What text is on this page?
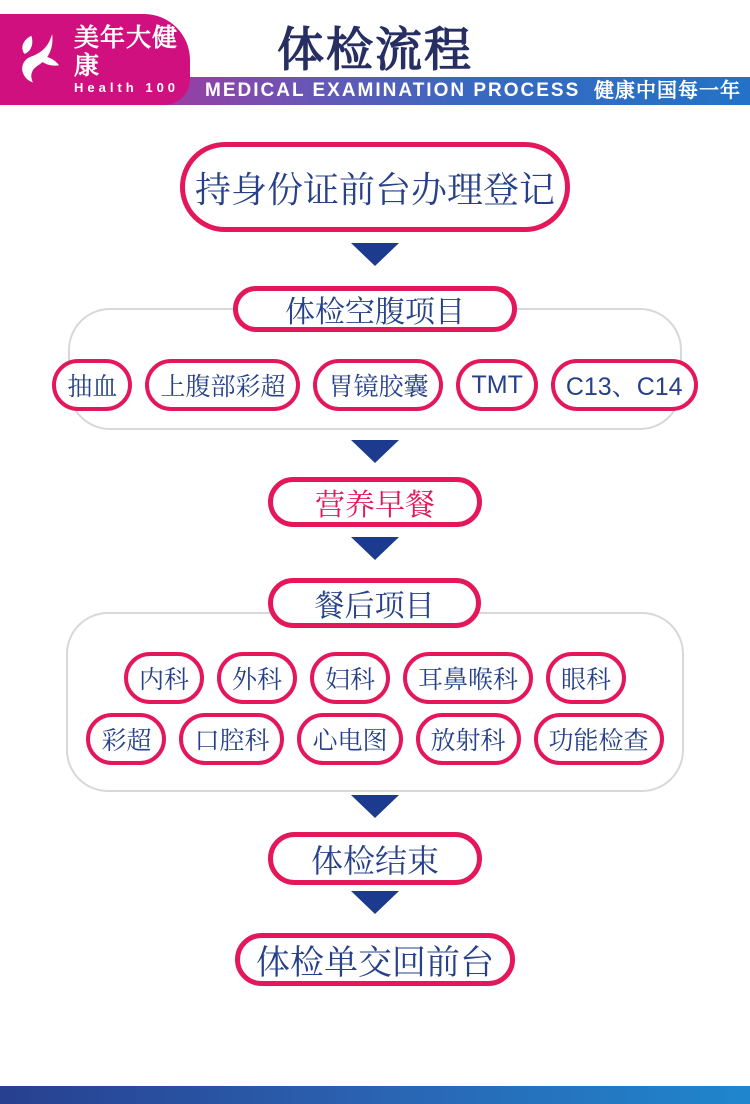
MEDICAL EXAMINATION PROCESS 健康中国每一年
体检流程
美年大健康
Health 100
持身份证前台办理登记
体检空腹项目
抽血	上腹部彩超	胃镜胶囊	TMT	C13、C14
营养早餐
餐后项目
内科	外科	妇科	耳鼻喉科	眼科
彩超	口腔科	心电图	放射科	功能检查
体检结束
体检单交回前台
